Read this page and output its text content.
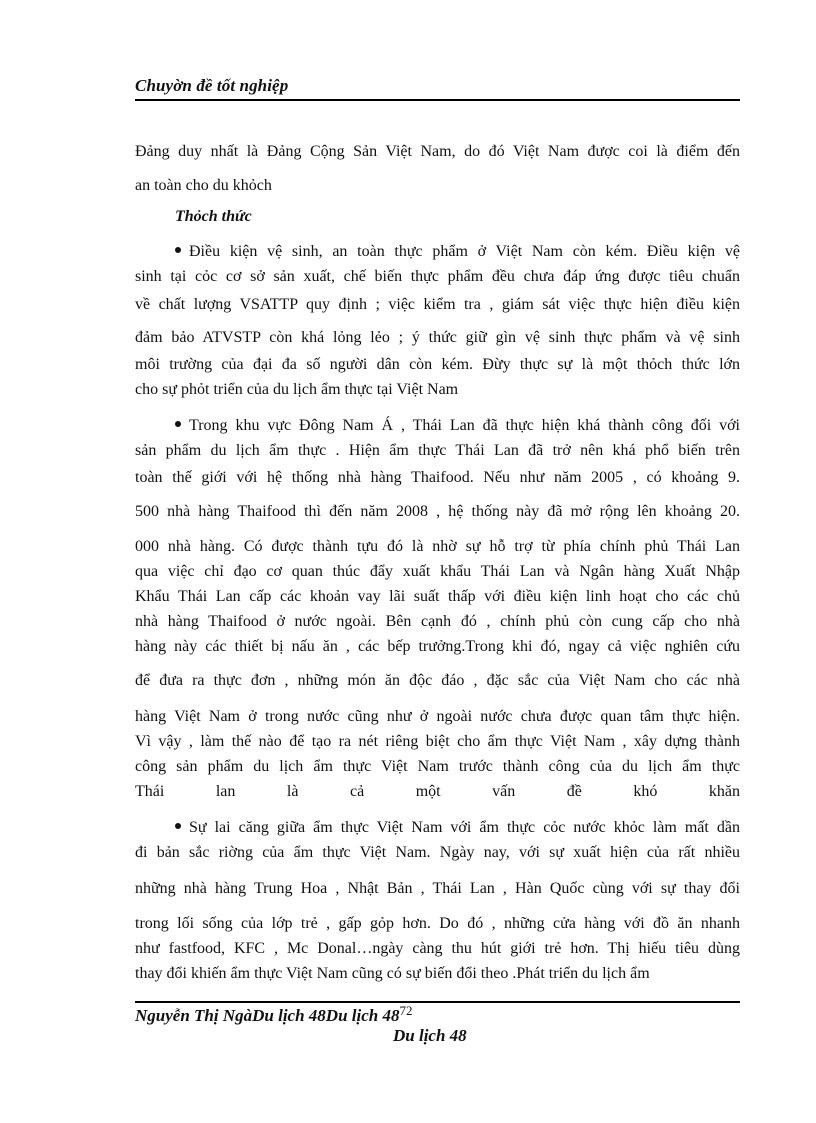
Chuyờn đề tốt nghiệp
Đảng duy nhất là Đảng Cộng Sản Việt Nam, do đó Việt Nam được coi là điểm đến
an toàn cho du khỏch
Thỏch thức
Điều kiện vệ sinh, an toàn thực phẩm ở Việt Nam còn kém. Điều kiện vệ
sinh tại cỏc cơ sở sản xuất, chế biến thực phẩm đều chưa đáp ứng được tiêu chuẩn
về chất lượng VSATTP quy định ; việc kiểm tra , giám sát việc thực hiện điều kiện
đảm bảo ATVSTP còn khá lỏng lẻo ; ý thức giữ gìn vệ sinh thực phẩm và vệ sinh
môi trường của đại đa số người dân còn kém. Đừy thực sự là một thỏch thức lớn
cho sự phỏt triển của du lịch ẩm thực tại Việt Nam
Trong khu vực Đông Nam Á , Thái Lan đã thực hiện khá thành công đối với
sản phẩm du lịch ẩm thực . Hiện ẩm thực Thái Lan đã trở nên khá phổ biến trên
toàn thế giới với hệ thống nhà hàng Thaifood. Nếu như năm 2005 , có khoảng 9.
500 nhà hàng Thaifood thì đến năm 2008 , hệ thống này đã mở rộng lên khoảng 20.
000 nhà hàng. Có được thành tựu đó là nhờ sự hỗ trợ từ phía chính phủ Thái Lan
qua việc chỉ đạo cơ quan thúc đẩy xuất khẩu Thái Lan và Ngân hàng Xuất Nhập
Khẩu Thái Lan cấp các khoản vay lãi suất thấp với điều kiện linh hoạt cho các chủ
nhà hàng Thaifood ở nước ngoài. Bên cạnh đó , chính phủ còn cung cấp cho nhà
hàng này các thiết bị nấu ăn , các bếp trưởng.Trong khi đó, ngay cả việc nghiên cứu
để đưa ra thực đơn , những món ăn độc đáo , đặc sắc của Việt Nam cho các nhà
hàng Việt Nam ở trong nước cũng như ở ngoài nước chưa được quan tâm thực hiện.
Vì vậy , làm thế nào để tạo ra nét riêng biệt cho ẩm thực Việt Nam , xây dựng thành
công sản phẩm du lịch ẩm thực Việt Nam trước thành công của du lịch ẩm thực
Thái lan là cả một vấn đề khó khăn
Sự lai căng giữa ẩm thực Việt Nam với ẩm thực cỏc nước khỏc làm mất dần
đi bản sắc riờng của ẩm thực Việt Nam. Ngày nay, với sự xuất hiện của rất nhiều
những nhà hàng Trung Hoa , Nhật Bản , Thái Lan , Hàn Quốc cùng với sự thay đổi
trong lối sống của lớp trẻ , gấp gỏp hơn. Do đó , những cửa hàng với đồ ăn nhanh
như fastfood, KFC , Mc Donal…ngày càng thu hút giới trẻ hơn. Thị hiếu tiêu dùng
thay đổi khiến ẩm thực Việt Nam cũng có sự biến đổi theo .Phát triển du lịch ẩm
Nguyễn Thị NgàDu lịch 48Du lịch 48$^{72}$
Du lịch 48
